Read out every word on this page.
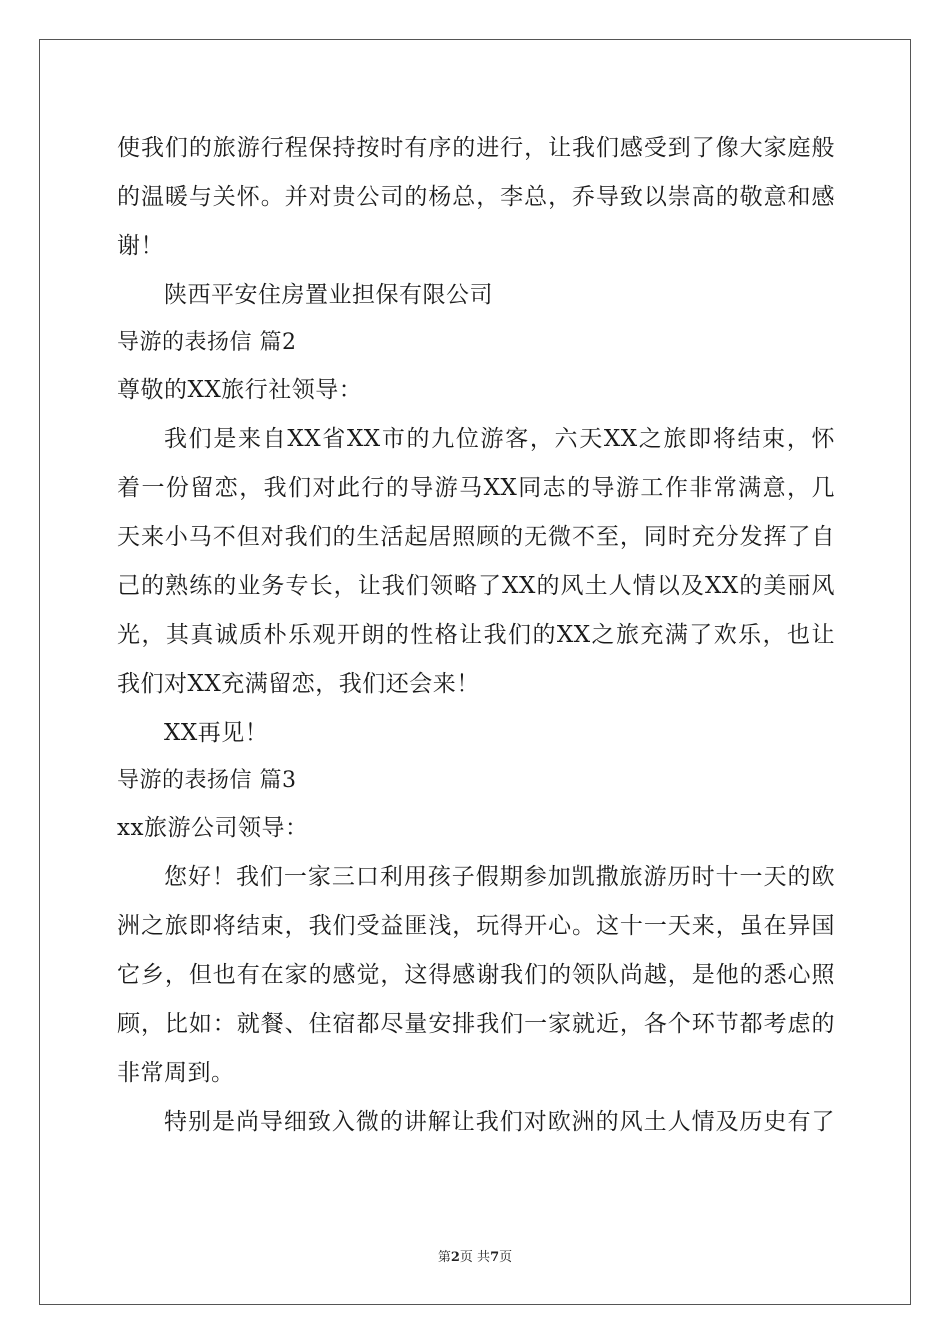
使我们的旅游行程保持按时有序的进行，让我们感受到了像大家庭般
的温暖与关怀。并对贵公司的杨总，李总，乔导致以崇高的敬意和感
谢！
陕西平安住房置业担保有限公司
导游的表扬信 篇2
尊敬的XX旅行社领导：
我们是来自XX省XX市的九位游客，六天XX之旅即将结束，怀
着一份留恋，我们对此行的导游马XX同志的导游工作非常满意，几
天来小马不但对我们的生活起居照顾的无微不至，同时充分发挥了自
己的熟练的业务专长，让我们领略了XX的风土人情以及XX的美丽风
光，其真诚质朴乐观开朗的性格让我们的XX之旅充满了欢乐，也让
我们对XX充满留恋，我们还会来！
XX再见！
导游的表扬信 篇3
xx旅游公司领导：
您好！我们一家三口利用孩子假期参加凯撒旅游历时十一天的欧
洲之旅即将结束，我们受益匪浅，玩得开心。这十一天来，虽在异国
它乡，但也有在家的感觉，这得感谢我们的领队尚越，是他的悉心照
顾，比如：就餐、住宿都尽量安排我们一家就近，各个环节都考虑的
非常周到。
特别是尚导细致入微的讲解让我们对欧洲的风土人情及历史有了
第2页 共7页
